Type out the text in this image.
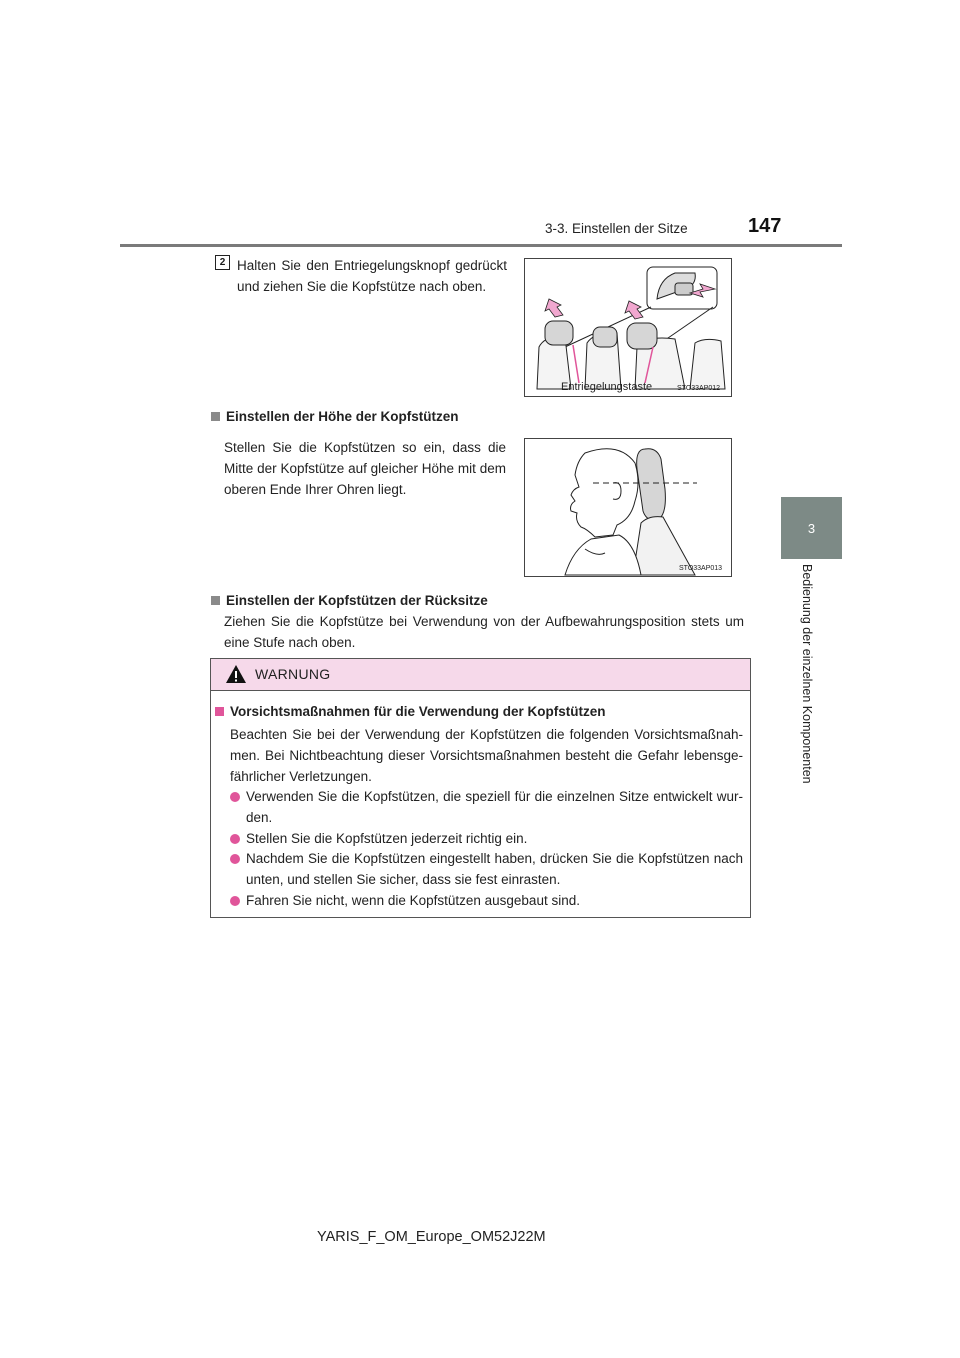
3-3. Einstellen der Sitze	147
3
Bedienung der einzelnen Komponenten
2 Halten Sie den Entriegelungsknopf gedrückt und ziehen Sie die Kopfstütze nach oben.
Entriegelungstaste	STO33AP012
Einstellen der Höhe der Kopfstützen
Stellen Sie die Kopfstützen so ein, dass die Mitte der Kopfstütze auf gleicher Höhe mit dem oberen Ende Ihrer Ohren liegt.
STO33AP013
Einstellen der Kopfstützen der Rücksitze
Ziehen Sie die Kopfstütze bei Verwendung von der Aufbewahrungsposition stets um eine Stufe nach oben.
WARNUNG
Vorsichtsmaßnahmen für die Verwendung der Kopfstützen
Beachten Sie bei der Verwendung der Kopfstützen die folgenden Vorsichtsmaßnah-men. Bei Nichtbeachtung dieser Vorsichtsmaßnahmen besteht die Gefahr lebensge-fährlicher Verletzungen.
Verwenden Sie die Kopfstützen, die speziell für die einzelnen Sitze entwickelt wur-den.
Stellen Sie die Kopfstützen jederzeit richtig ein.
Nachdem Sie die Kopfstützen eingestellt haben, drücken Sie die Kopfstützen nach unten, und stellen Sie sicher, dass sie fest einrasten.
Fahren Sie nicht, wenn die Kopfstützen ausgebaut sind.
YARIS_F_OM_Europe_OM52J22M
